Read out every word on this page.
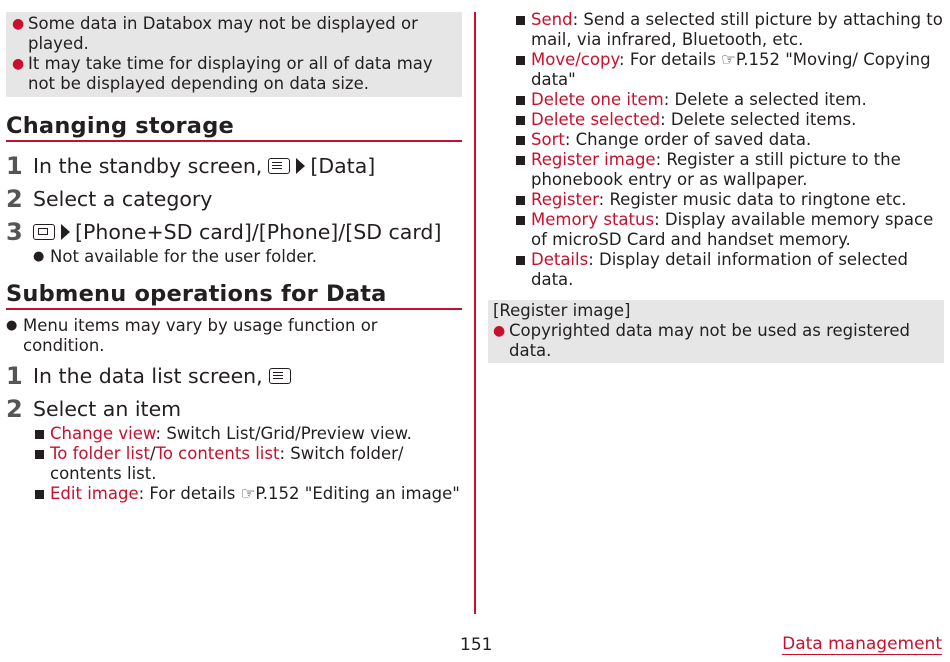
● Some data in Databox may not be displayed or played.
● It may take time for displaying or all of data may not be displayed depending on data size.
Changing storage
1 In the standby screen, [Data]
2 Select a category
3	[Phone+SD card]/[Phone]/[SD card]
● Not available for the user folder.
Submenu operations for Data
● Menu items may vary by usage function or condition.
1 In the data list screen,
2 Select an item
Change view: Switch List/Grid/Preview view.
To folder list/To contents list: Switch folder/ contents list.
Edit image: For details ☞P.152 "Editing an image"
Send: Send a selected still picture by attaching to mail, via infrared, Bluetooth, etc.
Move/copy: For details ☞P.152 "Moving/ Copying data"
Delete one item: Delete a selected item.
Delete selected: Delete selected items.
Sort: Change order of saved data.
Register image: Register a still picture to the phonebook entry or as wallpaper.
Register: Register music data to ringtone etc.
Memory status: Display available memory space of microSD Card and handset memory.
Details: Display detail information of selected data.
[Register image]
● Copyrighted data may not be used as registered data.
151	Data management
